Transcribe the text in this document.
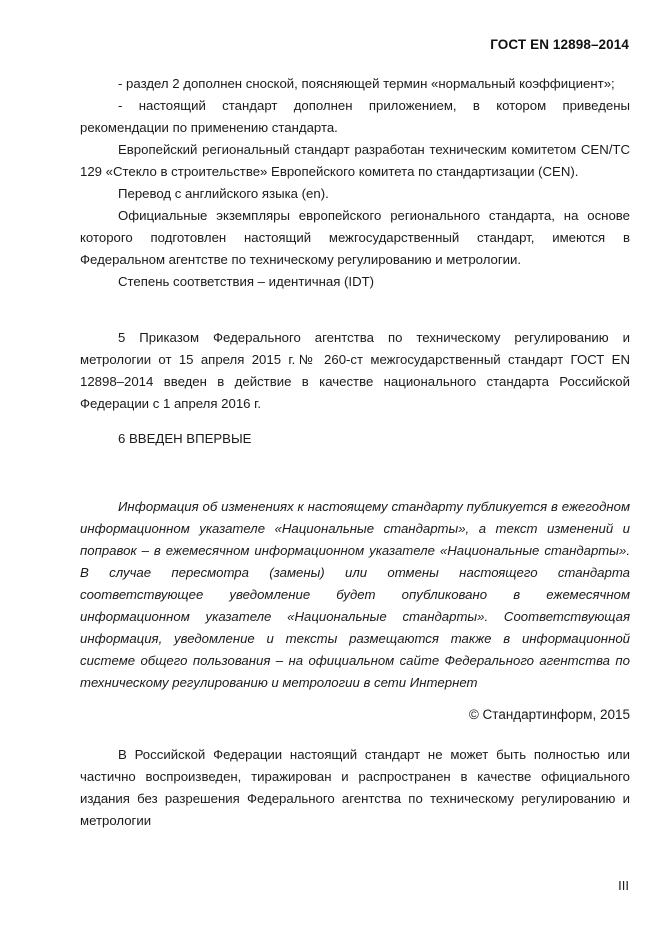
ГОСТ EN 12898–2014

- раздел 2 дополнен сноской, поясняющей термин «нормальный коэффициент»;

- настоящий стандарт дополнен приложением, в котором приведены рекомендации по применению стандарта.

Европейский региональный стандарт разработан техническим комитетом CEN/TC 129 «Стекло в строительстве» Европейского комитета по стандартизации (CEN).

Перевод с английского языка (en).

Официальные экземпляры европейского регионального стандарта, на основе которого подготовлен настоящий межгосударственный стандарт, имеются в Федеральном агентстве по техническому регулированию и метрологии.

Степень соответствия – идентичная (IDT)

5 Приказом Федерального агентства по техническому регулированию и метрологии от 15 апреля 2015 г.№ 260-ст межгосударственный стандарт ГОСТ EN 12898–2014 введен в действие в качестве национального стандарта Российской Федерации с 1 апреля 2016 г.

6 ВВЕДЕН ВПЕРВЫЕ

Информация об изменениях к настоящему стандарту публикуется в ежегодном информационном указателе «Национальные стандарты», а текст изменений и поправок – в ежемесячном информационном указателе «Национальные стандарты». В случае пересмотра (замены) или отмены настоящего стандарта соответствующее уведомление будет опубликовано в ежемесячном информационном указателе «Национальные стандарты». Соответствующая информация, уведомление и тексты размещаются также в информационной системе общего пользования – на официальном сайте Федерального агентства по техническому регулированию и метрологии в сети Интернет

© Стандартинформ, 2015

В Российской Федерации настоящий стандарт не может быть полностью или частично воспроизведен, тиражирован и распространен в качестве официального издания без разрешения Федерального агентства по техническому регулированию и метрологии

III
